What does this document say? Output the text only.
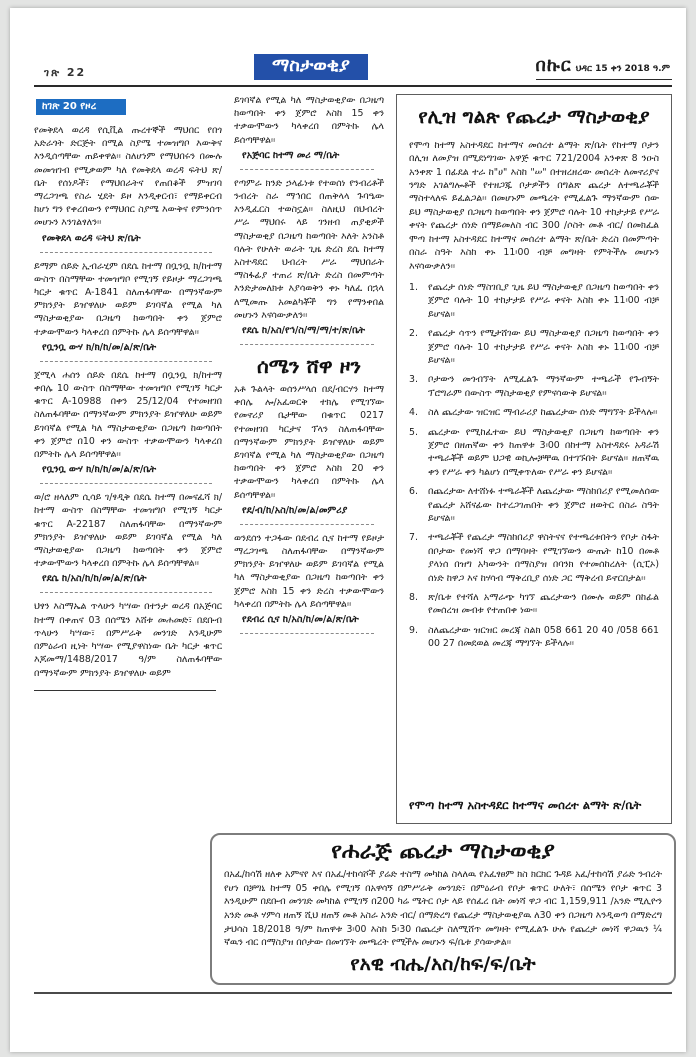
ገጽ 22	ማስታወቂያ	በኩር ህዳር 15 ቀን 2018 ዓ.ም
ከገጽ 20 የዞረ

የመቅደላ ወረዳ የሲቪል ጡረተኞች ማህበር የበጎ አድራጎት ድርጅት በሚል ስያሜ ተመዝግቦ እውቅና እንዲሰጣቸው ጠይቀዋል፡፡ ስለሆነም የማህበሩን በሙሉ መመዝገብ የሚቃወም ካለ የመቅደላ ወረዳ ፍትህ ጽ/ቤት የሰነዶች፣ የማህበራትና የጠበቆች ምዝገባ ማረጋገጫ የስራ ሂደት ይዞ እንዲቀርብ፣ የማይቀርብ ከሆነ ግን የቀረበውን የማህበር ስያሜ እውቅና የምንሰጥ መሆኑን እንገልፃለን፡፡

የመቅደላ ወረዳ ፍትህ ጽ/ቤት

ይማም ሰይድ ኢብራሂም በደሴ ከተማ በቧንቧ ክ/ከተማ ውስጥ በስማቸው ተመዝግቦ የሚገኝ የይዞታ ማረጋገጫ ካርታ ቁጥር A-1841 ስለጠፋባቸው በማንኛውም ምክንያት ይዠዋለሁ ወይም ይገባኛል የሚል ካለ ማስታወቂያው በጋዜጣ ከወጣበት ቀን ጀምሮ ተቃውሞውን ካላቀረበ በምትኩ ሌላ ይሰጣቸዋል፡፡

የቧንቧ ውሃ ክ/ክ/ከ/መ/ል/ጽ/ቤት

ጀሚላ ሐሰን ሰይድ በደሴ ከተማ በቧንቧ ክ/ከተማ ቀበሌ 10 ውስጥ በስማቸው ተመዝግቦ የሚገኝ ካርታ ቁጥር A-10988 በቀን 25/12/04 የተመዘገበ ስለጠፋባቸው በማንኛውም ምክንያት ይዠዋለሁ ወይም ይገባኛል የሚል ካለ ማስታወቂያው በጋዜጣ ከወጣበት ቀን ጀምሮ በ10 ቀን ውስጥ ተቃውሞውን ካላቀረበ በምትኩ ሌላ ይሰጣቸዋል፡፡

የቧንቧ ውሃ ክ/ክ/ከ/መ/ል/ጽ/ቤት

ወ/ሮ ዘላለም ሲሳይ ገ/ፃዲቅ በደሴ ከተማ በመናፈሻ ክ/ከተማ ውስጥ በስማቸው ተመዝግቦ የሚገኝ ካርታ ቁጥር A-22187 ስለጠፋባቸው በማንኛውም ምክንያት ይዠዋለሁ ወይም ይገባኛል የሚል ካለ ማስታወቂያው በጋዜጣ ከወጣበት ቀን ጀምሮ ተቃውሞውን ካላቀረበ በምትኩ ሌላ ይሰጣቸዋል፡፡

የደሴ ከ/አስ/ከ/ከ/መ/ል/ጽ/ቤት

ህፃን እስማኤል ጥላሁን ካሣው በተንታ ወረዳ በአጅባር ከተማ በቀጠና 03 በሰሜን እሸቱ መሐመድ፣ በደቡብ ጥላሁን ካሣው፣ በምሥራቅ መንገድ እንዲሁም በምዕራብ ዚነት ካሣው የሚያዋስነው ቤት ካርታ ቁጥር እጆመማ/1488/2017 ዓ/ም ስለጠፋባቸው በማንኛውም ምክንያት ይዠዋለሁ ወይም

ይገባኛል የሚል ካለ ማስታወቂያው በጋዜጣ ከወጣበት ቀን ጀምሮ እስከ 15 ቀን ተቃውሞውን ካላቀረበ በምትኩ ሌላ ይሰጣቸዋል፡፡

የአጅባር ከተማ መሪ ማ/ቤት

የጣምራ ክንድ ኃላፊነቱ የተወሰነ የንብረቶች ንብረት ስራ ማኅበር በጠቅላላ ጉባዔው እንዲፈርስ ተወስኗል፡፡ ስለዚህ በህብረት ሥራ ማህበሩ ላይ ገንዘብ ጠያቂዎች ማስታወቂያ በጋዜጣ ከወጣበት እለት አንስቶ ባሉት የሁለት ወራት ጊዜ ድረስ ደሴ ከተማ አስተዳደር ህብረት ሥራ ማህበራት ማስፋፊያ ተጠሪ ጽ/ቤት ድረስ በመምጣት እንድታመለክቱ እያሳወቅን ቀኑ ካለፈ በኋላ ለሚመጡ አመልካቾች ግን የማንቀበል መሆኑን እናሳውቃለን፡፡

የደሴ ከ/አስ/የኅ/ስ/ማ/ማ/ተ/ጽ/ቤት
ሰሜን ሸዋ ዞን

አቶ ጉልላት ወሰንሥላሰ በደ/ብርሃን ከተማ ቀበሌ ሎ/አፈወርቅ ተክሌ የሚገኘው የመኖሪያ ቤታቸው በቁጥር 0217 የተመዘገበ ካርታና ፕላን ስለጠፋባቸው በማንኛውም ምክንያት ይዠዋለሁ ወይም ይገባኛል የሚል ካለ ማስታወቂያው በጋዜጣ ከወጣበት ቀን ጀምሮ እስከ 20 ቀን ተቃውሞውን ካላቀረበ በምትኩ ሌላ ይሰጣቸዋል፡፡

የደ/ብ/ከ/አስ/ከ/መ/ል/መምሪያ

ወንደሰን ተጋፋው በደብረ ሲና ከተማ የይዞታ ማረጋገጫ ስለጠፋባቸው በማንኛውም ምክንያት ይዠዋለሁ ወይም ይገባኛል የሚል ካለ ማስታወቂያው በጋዜጣ ከወጣበት ቀን ጀምሮ እስከ 15 ቀን ድረስ ተቃውሞውን ካላቀረበ በምትኩ ሌላ ይሰጣቸዋል፡፡

የደብረ ሲና ከ/አስ/ከ/መ/ል/ጽ/ቤት
የሊዝ ግልጽ የጨረታ ማስታወቂያ

የሞጣ ከተማ አስተዳደር ከተማና መሰረተ ልማት ጽ/ቤት የከተማ ቦታን በሊዝ ለመያዝ በሚደነግገው አዋጅ ቁጥር 721/2004 አንቀጽ 8 ንዑስ አንቀጽ 1 በፊደል ተራ ከ"ሀ" እስከ "ሠ" በተዘረዘረው መሰረት ለመኖሪያና ንግድ አገልግሎቶች የተዘጋጁ ቦታዎችን በግልጽ ጨረታ ለተጫራቾች ማስተላለፍ ይፈልጋል፡፡ በመሆኑም መጫረት የሚፈልጉ ማንኛውም ሰው ይህ ማስታወቂያ በጋዜጣ ከወጣበት ቀን ጀምሮ ባሉት 10 ተከታታይ የሥራ ቀናት የጨረታ ሰነድ በማይመለስ ብር 300 /ሶስት መቶ ብር/ በመክፈል ሞጣ ከተማ አስተዳደር ከተማና መሰረተ ልማት ጽ/ቤት ድረስ በመምጣት በስራ ስዓት እስከ ቀኑ 11፡00 ብቻ መግዛት የምትችሉ መሆኑን እናሳውቃለን፡፡

1.	የጨረታ ሰነድ ማስገቢያ ጊዜ ይህ ማስታወቂያ በጋዜጣ ከወጣበት ቀን ጀምሮ ባሉት 10 ተከታታይ የሥራ ቀናት እስከ ቀኑ 11፡00 ብቻ ይሆናል፡፡
2.	የጨረታ ሳጥን የሚታሸገው ይህ ማስታወቂያ በጋዜጣ ከወጣበት ቀን ጀምሮ ባሉት 10 ተከታታይ የሥራ ቀናት እስከ ቀኑ 11፡00 ብቻ ይሆናል፡፡
3.	ቦታውን መጎብኘት ለሚፈልጉ ማንኛውም ተጫራች የጉብኝት ፕሮግራም በውስጥ ማስታወቂያ የምናሳውቅ ይሆናል፡፡
4.	ስለ ጨረታው ዝርዝር ማብራሪያ ከጨረታው ሰነድ ማግኘት ይችላሉ፡፡
5.	ጨረታው የሚከፈተው ይህ ማስታወቂያ በጋዜጣ ከወጣበት ቀን ጀምሮ በዘጠኛው ቀን ከጠዋቱ 3፡00 በከተማ አስተዳደሩ አዳራሽ ተጫራቾች ወይም ህጋዊ ወኪሎቻቸዉ በተገኙበት ይሆናል፡፡ ዘጠኛዉ ቀን የሥራ ቀን ካልሆነ በሚቀጥለው የሥራ ቀን ይሆናል፡፡
6.	በጨረታው ለተሸነፉ ተጫራቾች ለጨረታው ማስከበሪያ የሚመለሰው የጨረታ አሸናፊው ከተረጋገጠበት ቀን ጀምሮ ዘወትር በስራ ስዓት ይሆናል፡፡
7.	ተጫራቾች የጨረታ ማስከበሪያ ዋስትናና የተጫረቱበትን የቦታ ስፋት በቦታው የመነሻ ዋጋ በማባዛት የሚገኘውን ውጤት ከ10 በመቶ ያላነሰ በዝግ አካውንት በማስያዝ በባንክ የተመሰከረለት (ሲፒኦ) ሰነድ ከዋጋ እና ከሃሳብ ማቅረቢያ ሰነድ ጋር ማቅረብ ይኖርበታል፡፡
8.	ጽ/ቤቱ የተሻለ አማራጭ ካገኘ ጨረታውን በሙሉ ወይም በከፊል የመሰረዝ መብቱ የተጠበቀ ነው፡፡
9.	ስለጨረታው ዝርዝር መረጃ ስልክ 058 661 20 40 /058 661 00 27 በመደወል መረጃ ማግኘት ይችላሉ፡፡
የሞጣ ከተማ አስተዳደር ከተማና መሰረተ ልማት ጽ/ቤት
የሐራጅ ጨረታ ማስታወቂያ

በአፈ/ከሳሽ ዘለቀ አምናየ እና በአፈ/ተከሳሾች ያሬድ ተስማ መካከል ስላለዉ የአፈፃፀም ክስ ክርክር ጉዳይ አፈ/ተከሳሽ ያሬድ ንብረት የሆነ በቻግኒ ከተማ 05 ቀበሌ የሚገኝ በአዋሳኝ በምሥራቅ መንገድ፣ በምዕራብ የቦታ ቁጥር ሁለት፣ በሰሜን የቦታ ቁጥር 3 እንዲሁም በደቡብ መንገድ መካከል የሚገኝ በ200 ካሬ ሜትር ቦታ ላይ የሰፈረ ቤት መነሻ ዋጋ ብር 1,159,911 /አንድ ሚሊዮን አንድ መቶ ሃምሳ ዘጠኝ ሺህ ዘጠኝ መቶ አስራ አንድ ብር/ በማድረግ የጨረታ ማስታወቂያዉ ለ30 ቀን በጋዜጣ እንዲወጣ በማድረግ ታህሳስ 18/2018 ዓ/ም ከጠዋቱ 3፡00 እስከ 5፡30 በጨረታ ስለሚሸጥ መግዛት የሚፈልጉ ሁሉ የጨረታ መነሻ ዋጋዉን ¼ ኛዉን ብር በማስያዝ በቦታው በመገኘት መጫረት የሚችሉ መሆኑን ፍ/ቤቱ ያሳውቃል፡፡

የአዊ ብሔ/አስ/ከፍ/ፍ/ቤት
